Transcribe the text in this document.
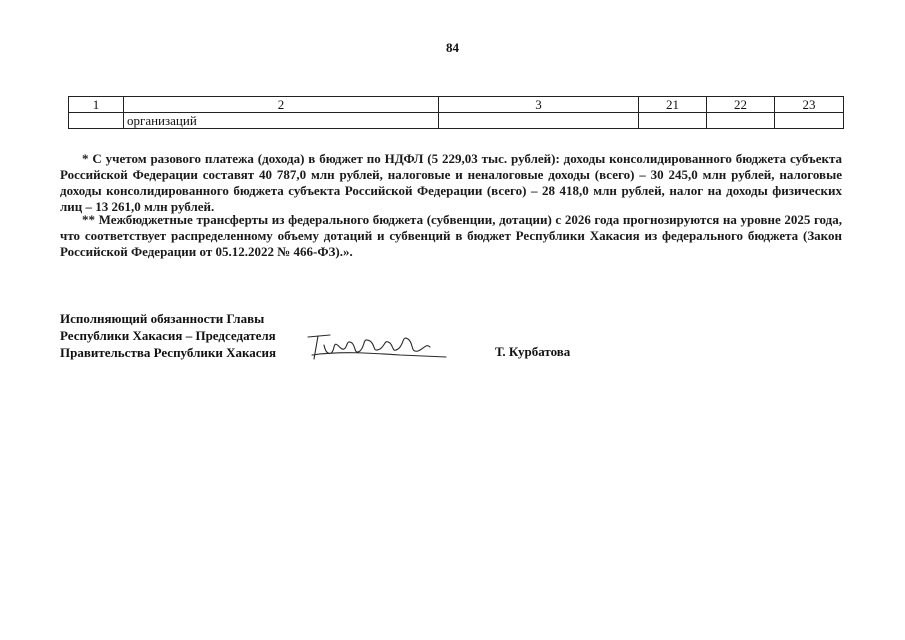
84
1	2	3	21	22	23
	организаций				

* С учетом разового платежа (дохода) в бюджет по НДФЛ (5 229,03 тыс. рублей): доходы консолидированного бюджета субъекта Российской Федерации составят 40 787,0 млн рублей, налоговые и неналоговые доходы (всего) – 30 245,0 млн рублей, налоговые доходы консолидированного бюджета субъекта Российской Федерации (всего) – 28 418,0 млн рублей, налог на доходы физических лиц – 13 261,0 млн рублей.

** Межбюджетные трансферты из федерального бюджета (субвенции, дотации) с 2026 года прогнозируются на уровне 2025 года, что соответствует распределенному объему дотаций и субвенций в бюджет Республики Хакасия из федерального бюджета (Закон Российской Федерации от 05.12.2022 № 466-ФЗ).».

Исполняющий обязанности Главы
Республики Хакасия – Председателя
Правительства Республики Хакасия	Т. Курбатова
